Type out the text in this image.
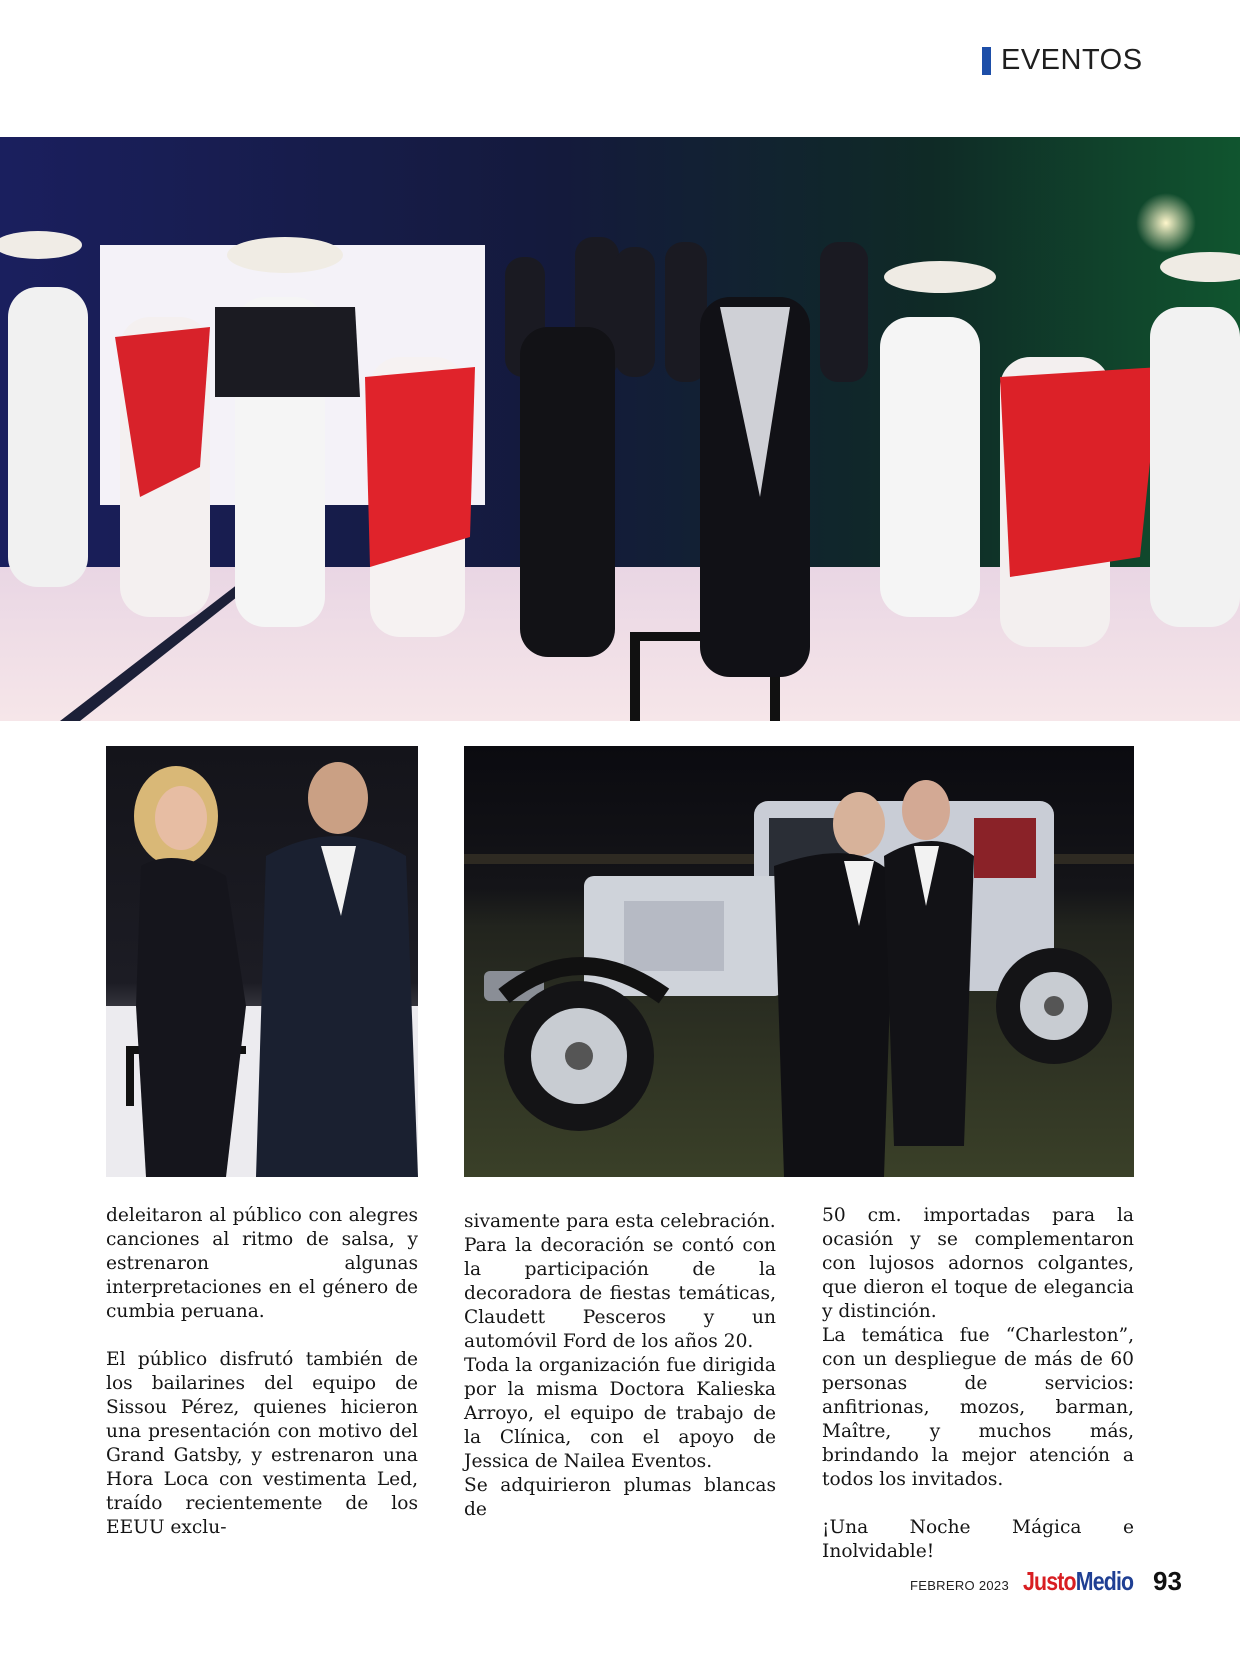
EVENTOS

deleitaron al público con alegres canciones al ritmo de salsa, y estrenaron algunas interpretaciones en el género de cumbia peruana.

El público disfrutó también de los bailarines del equipo de Sissou Pérez, quienes hicieron una presentación con motivo del Grand Gatsby, y estrenaron una Hora Loca con vestimenta Led, traído recientemente de los EEUU exclu-

sivamente para esta celebración.

Para la decoración se contó con la participación de la decoradora de fiestas temáticas, Claudett Pesceros y un automóvil Ford de los años 20.

Toda la organización fue dirigida por la misma Doctora Kalieska Arroyo, el equipo de trabajo de la Clínica, con el apoyo de Jessica de Nailea Eventos.

Se adquirieron plumas blancas de

50 cm. importadas para la ocasión y se complementaron con lujosos adornos colgantes, que dieron el toque de elegancia y distinción.

La temática fue “Charleston”, con un despliegue de más de 60 personas de servicios: anfitrionas, mozos, barman, Maître, y muchos más, brindando la mejor atención a todos los invitados.

¡Una Noche Mágica e Inolvidable!

FEBRERO 2023 JustoMedio 93
